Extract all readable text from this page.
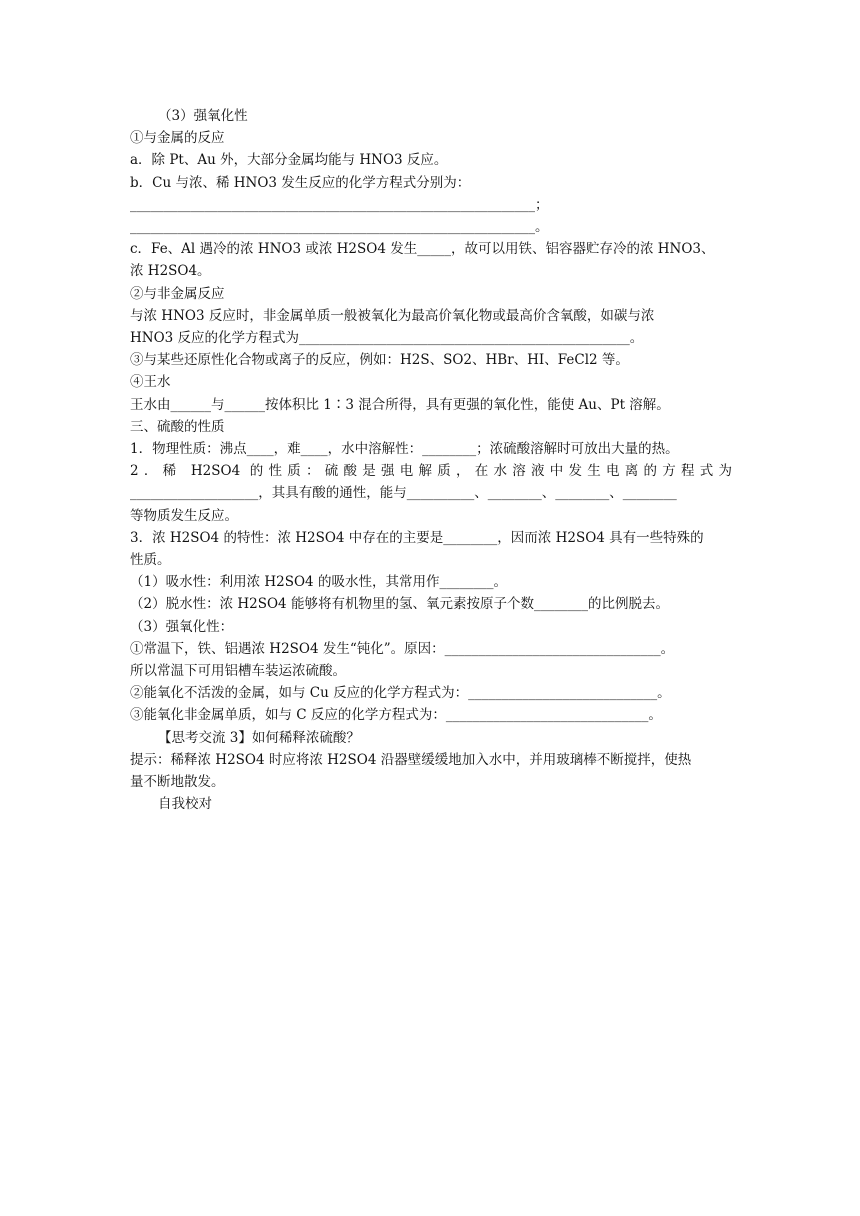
（3）强氧化性
①与金属的反应
a．除 Pt、Au 外，大部分金属均能与 HNO3 反应。
b．Cu 与浓、稀 HNO3 发生反应的化学方程式分别为：
____________________________________________________________；
____________________________________________________________。
c．Fe、Al 遇冷的浓 HNO3 或浓 H2SO4 发生_____，故可以用铁、铝容器贮存冷的浓 HNO3、
浓 H2SO4。
②与非金属反应
与浓 HNO3 反应时，非金属单质一般被氧化为最高价氧化物或最高价含氧酸，如碳与浓
HNO3 反应的化学方程式为_________________________________________________。
③与某些还原性化合物或离子的反应，例如：H2S、SO2、HBr、HI、FeCl2 等。
④王水
王水由______与______按体积比 1∶3 混合所得，具有更强的氧化性，能使 Au、Pt 溶解。
三、硫酸的性质
1．物理性质：沸点____，难____，水中溶解性：________；浓硫酸溶解时可放出大量的热。
2．稀 H2SO4 的性质：硫酸是强电解质，在水溶液中发生电离的方程式为
___________________，其具有酸的通性，能与__________、________、________、________
等物质发生反应。
3．浓 H2SO4 的特性：浓 H2SO4 中存在的主要是________，因而浓 H2SO4 具有一些特殊的
性质。
（1）吸水性：利用浓 H2SO4 的吸水性，其常用作________。
（2）脱水性：浓 H2SO4 能够将有机物里的氢、氧元素按原子个数________的比例脱去。
（3）强氧化性：
①常温下，铁、铝遇浓 H2SO4 发生“钝化”。原因：________________________________。
所以常温下可用铝槽车装运浓硫酸。
②能氧化不活泼的金属，如与 Cu 反应的化学方程式为：____________________________。
③能氧化非金属单质，如与 C 反应的化学方程式为：______________________________。
【思考交流 3】如何稀释浓硫酸？
提示：稀释浓 H2SO4 时应将浓 H2SO4 沿器壁缓缓地加入水中，并用玻璃棒不断搅拌，使热
量不断地散发。
自我校对
